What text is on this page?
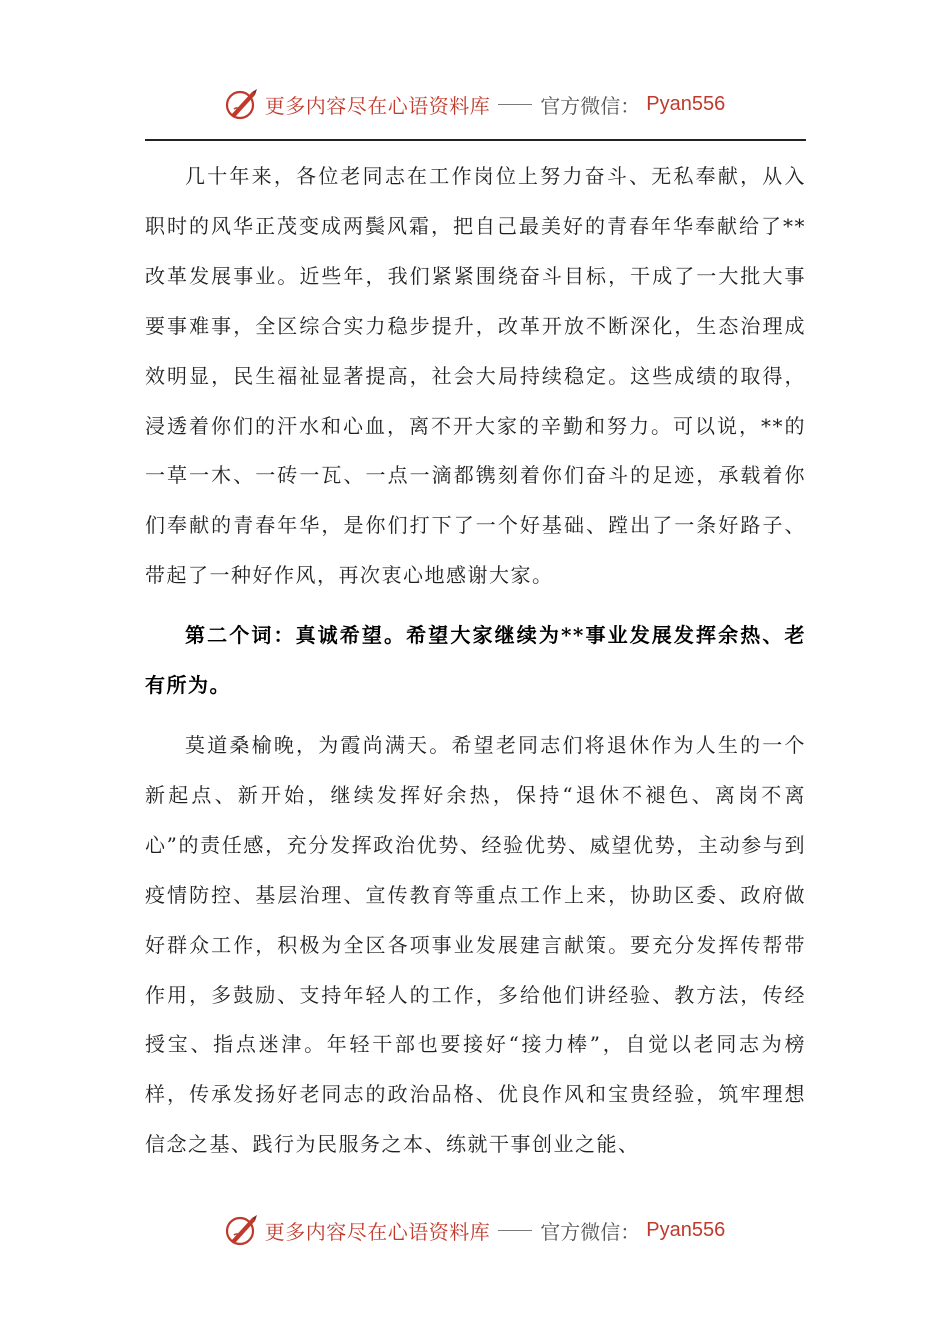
更多内容尽在心语资料库	官方微信： Pyan556

几十年来，各位老同志在工作岗位上努力奋斗、无私奉献，从入职时的风华正茂变成两鬓风霜，把自己最美好的青春年华奉献给了**改革发展事业。近些年，我们紧紧围绕奋斗目标，干成了一大批大事要事难事，全区综合实力稳步提升，改革开放不断深化，生态治理成效明显，民生福祉显著提高，社会大局持续稳定。这些成绩的取得，浸透着你们的汗水和心血，离不开大家的辛勤和努力。可以说，**的一草一木、一砖一瓦、一点一滴都镌刻着你们奋斗的足迹，承载着你们奉献的青春年华，是你们打下了一个好基础、蹚出了一条好路子、带起了一种好作风，再次衷心地感谢大家。

第二个词：真诚希望。希望大家继续为**事业发展发挥余热、老有所为。

莫道桑榆晚，为霞尚满天。希望老同志们将退休作为人生的一个新起点、新开始，继续发挥好余热，保持“退休不褪色、离岗不离心”的责任感，充分发挥政治优势、经验优势、威望优势，主动参与到疫情防控、基层治理、宣传教育等重点工作上来，协助区委、政府做好群众工作，积极为全区各项事业发展建言献策。要充分发挥传帮带作用，多鼓励、支持年轻人的工作，多给他们讲经验、教方法，传经授宝、指点迷津。年轻干部也要接好“接力棒”，自觉以老同志为榜样，传承发扬好老同志的政治品格、优良作风和宝贵经验，筑牢理想信念之基、践行为民服务之本、练就干事创业之能、

更多内容尽在心语资料库	官方微信： Pyan556
